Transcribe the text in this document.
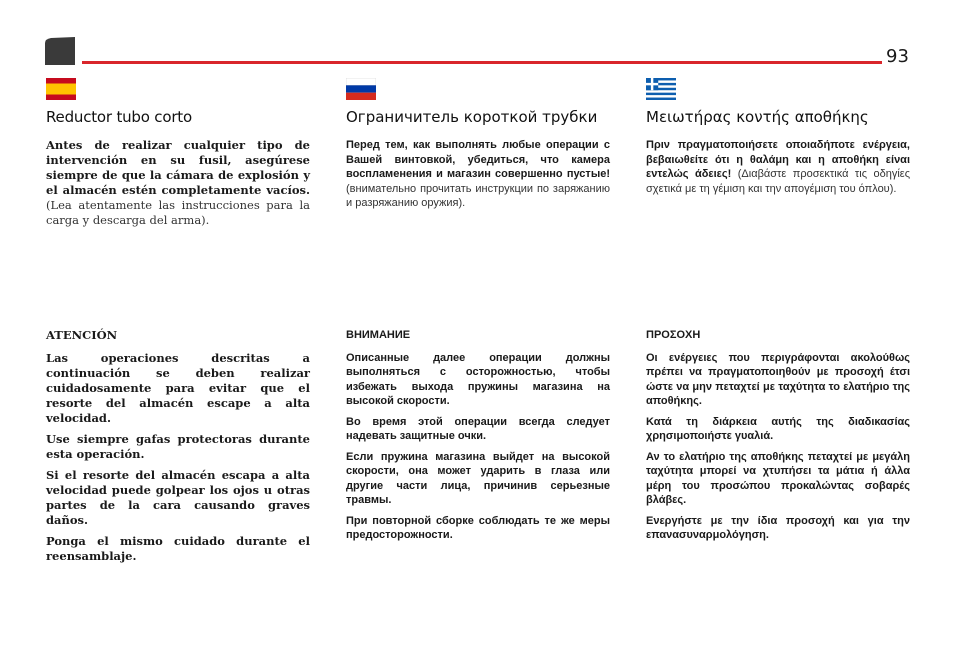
93
Reductor tubo corto

Antes de realizar cualquier tipo de intervención en su fusil, asegúrese siempre de que la cámara de explosión y el almacén estén completamente vacíos. (Lea atentamente las instrucciones para la carga y descarga del arma).

ATENCIÓN

Las operaciones descritas a continuación se deben realizar cuidadosamente para evitar que el resorte del almacén escape a alta velocidad.

Use siempre gafas protectoras durante esta operación.

Si el resorte del almacén escapa a alta velocidad puede golpear los ojos u otras partes de la cara causando graves daños.

Ponga el mismo cuidado durante el reensamblaje.

Ограничитель короткой трубки

Перед тем, как выполнять любые операции с Вашей винтовкой, убедиться, что камера воспламенения и магазин совершенно пустые! (внимательно прочитать инструкции по заряжанию и разряжанию оружия).

ВНИМАНИЕ

Описанные далее операции должны выполняться с осторожностью, чтобы избежать выхода пружины магазина на высокой скорости.

Во время этой операции всегда следует надевать защитные очки.

Если пружина магазина выйдет на высокой скорости, она может ударить в глаза или другие части лица, причинив серьезные травмы.

При повторной сборке соблюдать те же меры предосторожности.

Μειωτήρας κοντής αποθήκης

Πριν πραγματοποιήσετε οποιαδήποτε ενέργεια, βεβαιωθείτε ότι η θαλάμη και η αποθήκη είναι εντελώς άδειες! (Διαβάστε προσεκτικά τις οδηγίες σχετικά με τη γέμιση και την απογέμιση του όπλου).

ΠΡΟΣΟΧΗ

Οι ενέργειες που περιγράφονται ακολούθως πρέπει να πραγματοποιηθούν με προσοχή έτσι ώστε να μην πεταχτεί με ταχύτητα το ελατήριο της αποθήκης.

Κατά τη διάρκεια αυτής της διαδικασίας χρησιμοποιήστε γυαλιά.

Αν το ελατήριο της αποθήκης πεταχτεί με μεγάλη ταχύτητα μπορεί να χτυπήσει τα μάτια ή άλλα μέρη του προσώπου προκαλώντας σοβαρές βλάβες.

Ενεργήστε με την ίδια προσοχή και για την επανασυναρμολόγηση.
